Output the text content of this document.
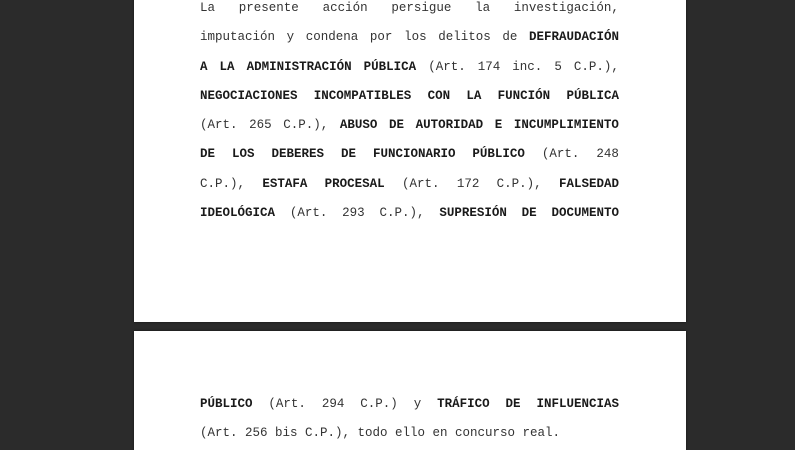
La presente acción persigue la investigación,
imputación y condena por los delitos de DEFRAUDACIÓN
A LA ADMINISTRACIÓN PÚBLICA (Art. 174 inc. 5 C.P.),
NEGOCIACIONES INCOMPATIBLES CON LA FUNCIÓN PÚBLICA
(Art. 265 C.P.), ABUSO DE AUTORIDAD E INCUMPLIMIENTO
DE LOS DEBERES DE FUNCIONARIO PÚBLICO (Art. 248
C.P.), ESTAFA PROCESAL (Art. 172 C.P.), FALSEDAD
IDEOLÓGICA (Art. 293 C.P.), SUPRESIÓN DE DOCUMENTO
PÚBLICO (Art. 294 C.P.) y TRÁFICO DE INFLUENCIAS
(Art. 256 bis C.P.), todo ello en concurso real.
